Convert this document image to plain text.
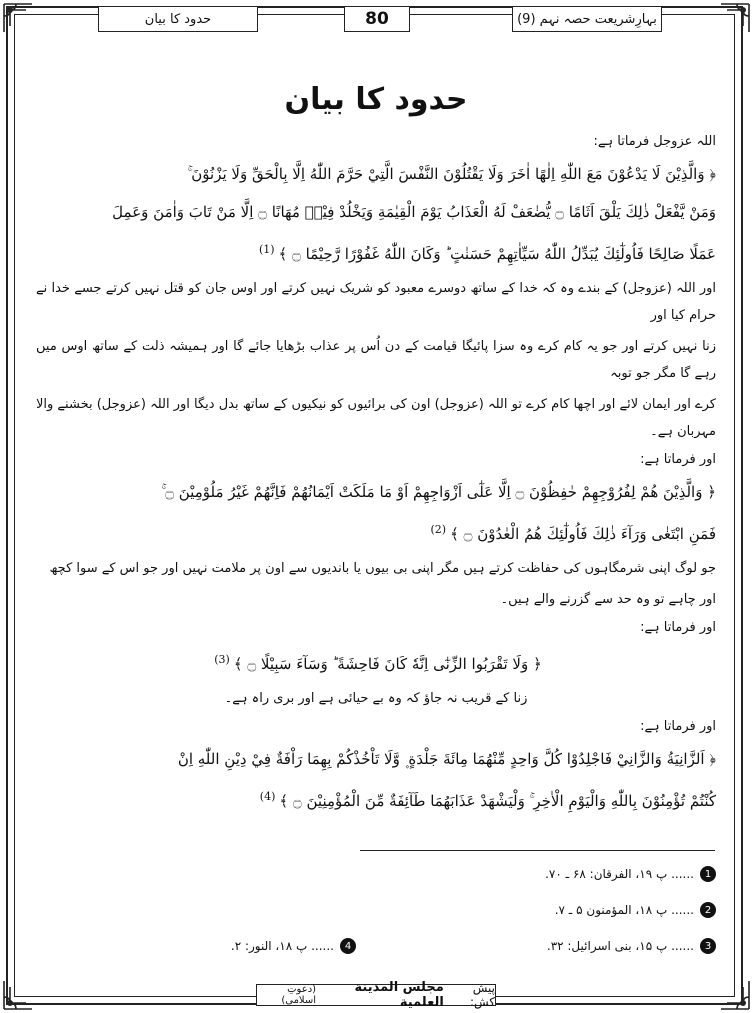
حدود کا بیان	80	بہارِشریعت حصہ نہم (9)
حدود کا بیان

اللہ عزوجل فرماتا ہے:

﴿ وَالَّذِيْنَ لَا يَدْعُوْنَ مَعَ اللّٰهِ اِلٰهًا اٰخَرَ وَلَا يَقْتُلُوْنَ النَّفْسَ الَّتِيْ حَرَّمَ اللّٰهُ اِلَّا بِالْحَقِّ وَلَا يَزْنُوْنَ ۚ

وَمَنْ يَّفْعَلْ ذٰلِكَ يَلْقَ اَثَامًا ۝ يُّضٰعَفْ لَهُ الْعَذَابُ يَوْمَ الْقِيٰمَةِ وَيَخْلُدْ فِيْهٖ مُهَانًا ۝ اِلَّا مَنْ تَابَ وَاٰمَنَ وَعَمِلَ

عَمَلًا صَالِحًا فَاُولٰٓئِكَ يُبَدِّلُ اللّٰهُ سَيِّاٰتِهِمْ حَسَنٰتٍ ؕ وَكَانَ اللّٰهُ غَفُوْرًا رَّحِيْمًا ۝ ﴾(1)

اور اللہ (عزوجل) کے بندے وہ کہ خدا کے ساتھ دوسرے معبود کو شریک نہیں کرتے اور اوس جان کو قتل نہیں کرتے جسے خدا نے حرام کیا اور

زنا نہیں کرتے اور جو یہ کام کرے وہ سزا پائیگا قیامت کے دن اُس پر عذاب بڑھایا جائے گا اور ہمیشہ ذلت کے ساتھ اوس میں رہے گا مگر جو توبہ

کرے اور ایمان لائے اور اچھا کام کرے تو اللہ (عزوجل) اون کی برائیوں کو نیکیوں کے ساتھ بدل دیگا اور اللہ (عزوجل) بخشنے والا مہربان ہے۔

اور فرماتا ہے:

﴿ وَالَّذِيْنَ هُمْ لِفُرُوْجِهِمْ حٰفِظُوْنَ ۝ اِلَّا عَلٰٓى اَزْوَاجِهِمْ اَوْ مَا مَلَكَتْ اَيْمَانُهُمْ فَاِنَّهُمْ غَيْرُ مَلُوْمِيْنَ ۝ ۚ

فَمَنِ ابْتَغٰى وَرَآءَ ذٰلِكَ فَاُولٰٓئِكَ هُمُ الْعٰدُوْنَ ۝ ﴾(2)

جو لوگ اپنی شرمگاہوں کی حفاظت کرتے ہیں مگر اپنی بی بیوں یا باندیوں سے اون پر ملامت نہیں اور جو اس کے سوا کچھ

اور چاہے تو وہ حد سے گزرنے والے ہیں۔

اور فرماتا ہے:

﴿ وَلَا تَقْرَبُوا الزِّنٰٓى اِنَّهٗ كَانَ فَاحِشَةً ؕ وَسَآءَ سَبِيْلًا ۝ ﴾(3)

زنا کے قریب نہ جاؤ کہ وہ بے حیائی ہے اور بری راہ ہے۔

اور فرماتا ہے:

﴿ اَلزَّانِيَةُ وَالزَّانِيْ فَاجْلِدُوْا كُلَّ وَاحِدٍ مِّنْهُمَا مِائَةَ جَلْدَةٍ ۪ وَّلَا تَاْخُذْكُمْ بِهِمَا رَاْفَةٌ فِيْ دِيْنِ اللّٰهِ اِنْ

كُنْتُمْ تُؤْمِنُوْنَ بِاللّٰهِ وَالْيَوْمِ الْاٰخِرِ ۚ وَلْيَشْهَدْ عَذَابَهُمَا طَآئِفَةٌ مِّنَ الْمُؤْمِنِيْنَ ۝ ﴾(4)

1
...... پ ۱۹، الفرقان: ۶۸ ـ ۷۰.
2
...... پ ۱۸، المؤمنون ۵ ـ ۷.
3
...... پ ۱۵، بنی اسرائیل: ۳۲.
4
...... پ ۱۸، النور: ۲.
پیش کش:
مجلس المدینة العلمیة
(دعوتِ اسلامی)
